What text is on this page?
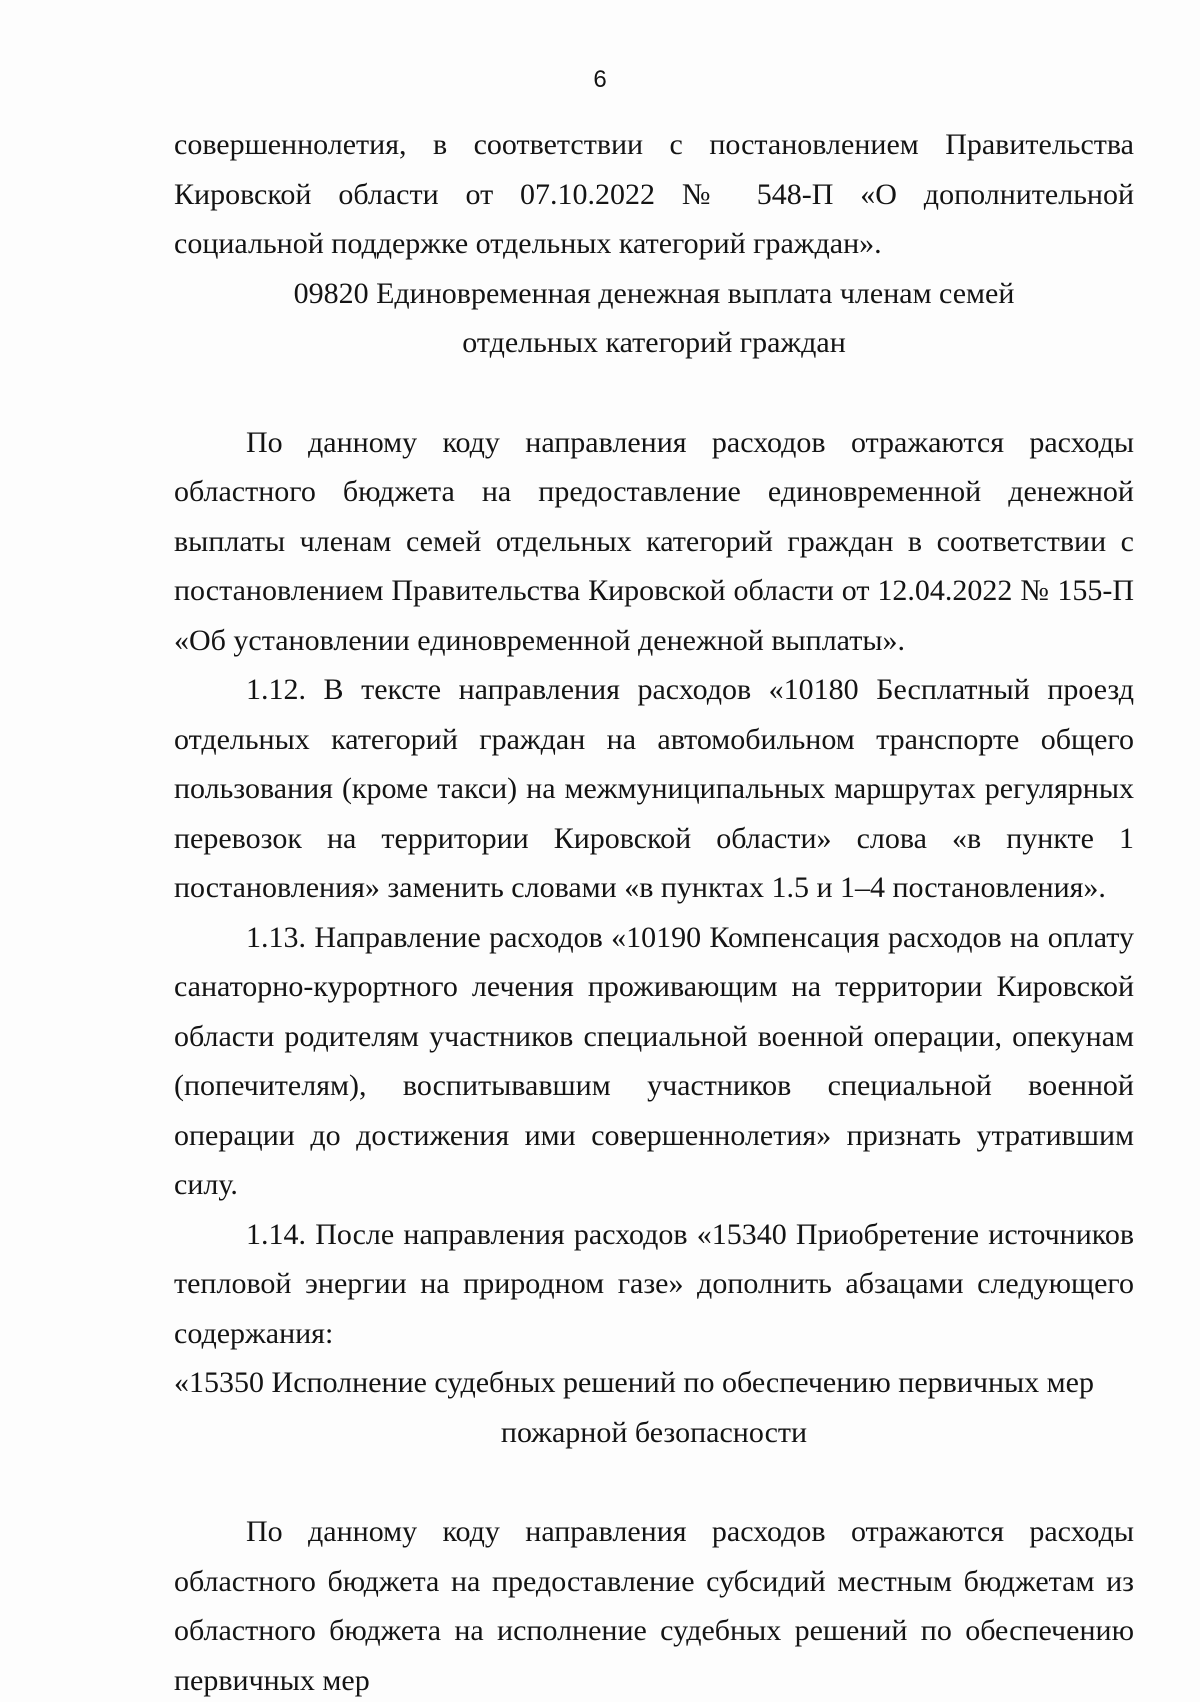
6

совершеннолетия, в соответствии с постановлением Правительства Кировской области от 07.10.2022 № 548-П «О дополнительной социальной поддержке отдельных категорий граждан».

09820 Единовременная денежная выплата членам семей

отдельных категорий граждан

По данному коду направления расходов отражаются расходы областного бюджета на предоставление единовременной денежной выплаты членам семей отдельных категорий граждан в соответствии с постановлением Правительства Кировской области от 12.04.2022 № 155-П «Об установлении единовременной денежной выплаты».

1.12. В тексте направления расходов «10180 Бесплатный проезд отдельных категорий граждан на автомобильном транспорте общего пользования (кроме такси) на межмуниципальных маршрутах регулярных перевозок на территории Кировской области» слова «в пункте 1 постановления» заменить словами «в пунктах 1.5 и 1–4 постановления».

1.13. Направление расходов «10190 Компенсация расходов на оплату санаторно-курортного лечения проживающим на территории Кировской области родителям участников специальной военной операции, опекунам (попечителям), воспитывавшим участников специальной военной операции до достижения ими совершеннолетия» признать утратившим силу.

1.14. После направления расходов «15340 Приобретение источников тепловой энергии на природном газе» дополнить абзацами следующего содержания:

«15350 Исполнение судебных решений по обеспечению первичных мер

пожарной безопасности

По данному коду направления расходов отражаются расходы областного бюджета на предоставление субсидий местным бюджетам из областного бюджета на исполнение судебных решений по обеспечению первичных мер
